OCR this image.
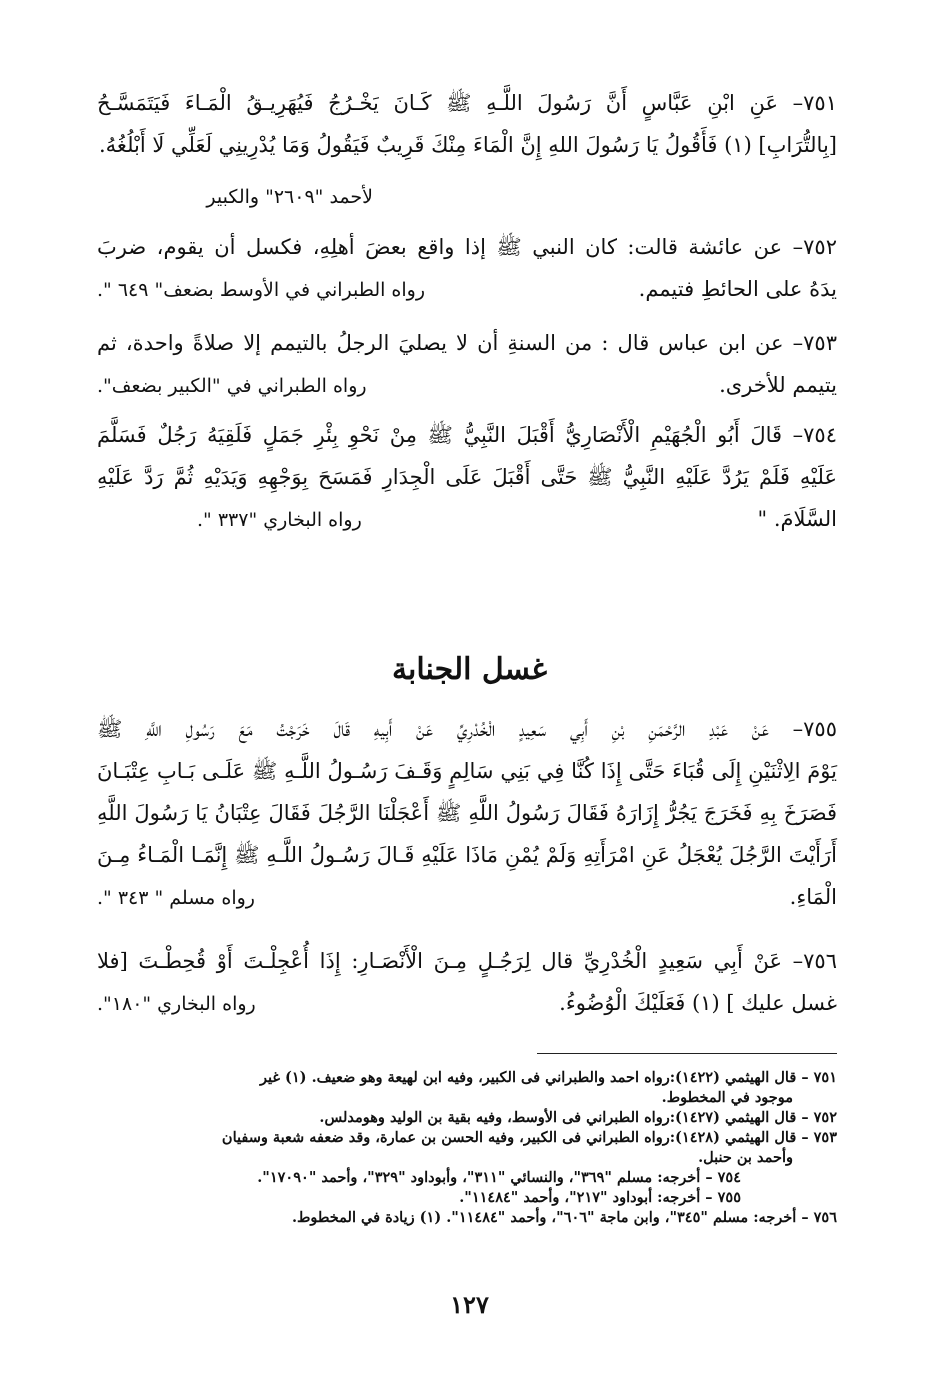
٧٥١– عَنِ ابْنِ عَبَّاسٍ أَنَّ رَسُولَ اللَّـهِ ﷺ كَـانَ يَخْـرُجُ فَيُهَرِيـقُ الْمَـاءَ فَيَتَمَسَّـحُ
[بِالتُّرَابِ] (١) فَأَقُولُ يَا رَسُولَ اللهِ إِنَّ الْمَاءَ مِنْكَ قَرِيبٌ فَيَقُولُ وَمَا يُدْرِينِي لَعَلِّي لَا أَبْلُغُهُ.
لأحمد "٢٦٠٩" والكبير
٧٥٢– عن عائشة قالت: كان النبي ﷺ إذا واقع بعضَ أهلِهِ، فكسل أن يقوم، ضربَ
يدَهُ على الحائطِ فتيمم.
رواه الطبراني في الأوسط بضعف" ٦٤٩ ".
٧٥٣– عن ابن عباس قال : من السنةِ أن لا يصليَ الرجلُ بالتيمم إلا صلاةً واحدة، ثم
يتيمم للأخرى.
رواه الطبراني في "الكبير بضعف".
٧٥٤– قَالَ أَبُو الْجُهَيْمِ الْأَنْصَارِيُّ أَقْبَلَ النَّبِيُّ ﷺ مِنْ نَحْوِ بِئْرِ جَمَلٍ فَلَقِيَهُ رَجُلٌ فَسَلَّمَ
عَلَيْهِ فَلَمْ يَرُدَّ عَلَيْهِ النَّبِيُّ ﷺ حَتَّى أَقْبَلَ عَلَى الْجِدَارِ فَمَسَحَ بِوَجْهِهِ وَيَدَيْهِ ثُمَّ رَدَّ عَلَيْهِ
السَّلَامَ. "
رواه البخاري "٣٣٧ ".
غسل الجنابة
٧٥٥– عَنْ عَبْدِ الرَّحْمَنِ بْنِ أَبِي سَعِيدٍ الْخُدْرِيِّ عَنْ أَبِيهِ قَالَ خَرَجْتُ مَعَ رَسُولِ اللَّهِ ﷺ
يَوْمَ الِاثْنَيْنِ إِلَى قُبَاءَ حَتَّى إِذَا كُنَّا فِي بَنِي سَالِمٍ وَقَـفَ رَسُـولُ اللَّـهِ ﷺ عَلَـى بَـابِ عِتْبَـانَ
فَصَرَخَ بِهِ فَخَرَجَ يَجُرُّ إِزَارَهُ فَقَالَ رَسُولُ اللَّهِ ﷺ أَعْجَلْنَا الرَّجُلَ فَقَالَ عِتْبَانُ يَا رَسُولَ اللَّهِ
أَرَأَيْتَ الرَّجُلَ يُعْجَلُ عَنِ امْرَأَتِهِ وَلَمْ يُمْنِ مَاذَا عَلَيْهِ قَـالَ رَسُـولُ اللَّـهِ ﷺ إِنَّمَـا الْمَـاءُ مِـنَ
الْمَاءِ.
رواه مسلم " ٣٤٣ ".
٧٥٦– عَنْ أَبِي سَعِيدٍ الْخُدْرِيِّ قال لِرَجُـلٍ مِـنَ الْأَنْصَـارِ: إِذَا أُعْجِلْـتَ أَوْ قُحِطْـتَ [فلا
غسل عليك ] (١) فَعَلَيْكَ الْوُضُوءُ.
رواه البخاري "١٨٠".
٧٥١ – قال الهيثمي (١٤٢٢):رواه احمد والطبراني فى الكبير، وفيه ابن لهيعة وهو ضعيف. (١) غير
موجود في المخطوط.
٧٥٢ – قال الهيثمي (١٤٢٧):رواه الطبراني فى الأوسط، وفيه بقية بن الوليد وهومدلس.
٧٥٣ – قال الهيثمي (١٤٢٨):رواه الطبراني فى الكبير، وفيه الحسن بن عمارة، وقد ضعفه شعبة وسفيان
وأحمد بن حنبل.
٧٥٤ – أخرجه: مسلم "٣٦٩"، والنسائي "٣١١"، وأبوداود "٣٢٩"، وأحمد "١٧٠٩٠".
٧٥٥ – أخرجه: أبوداود "٢١٧"، وأحمد "١١٤٨٤".
٧٥٦ – أخرجه: مسلم "٣٤٥"، وابن ماجة "٦٠٦"، وأحمد "١١٤٨٤". (١) زيادة في المخطوط.
١٢٧
